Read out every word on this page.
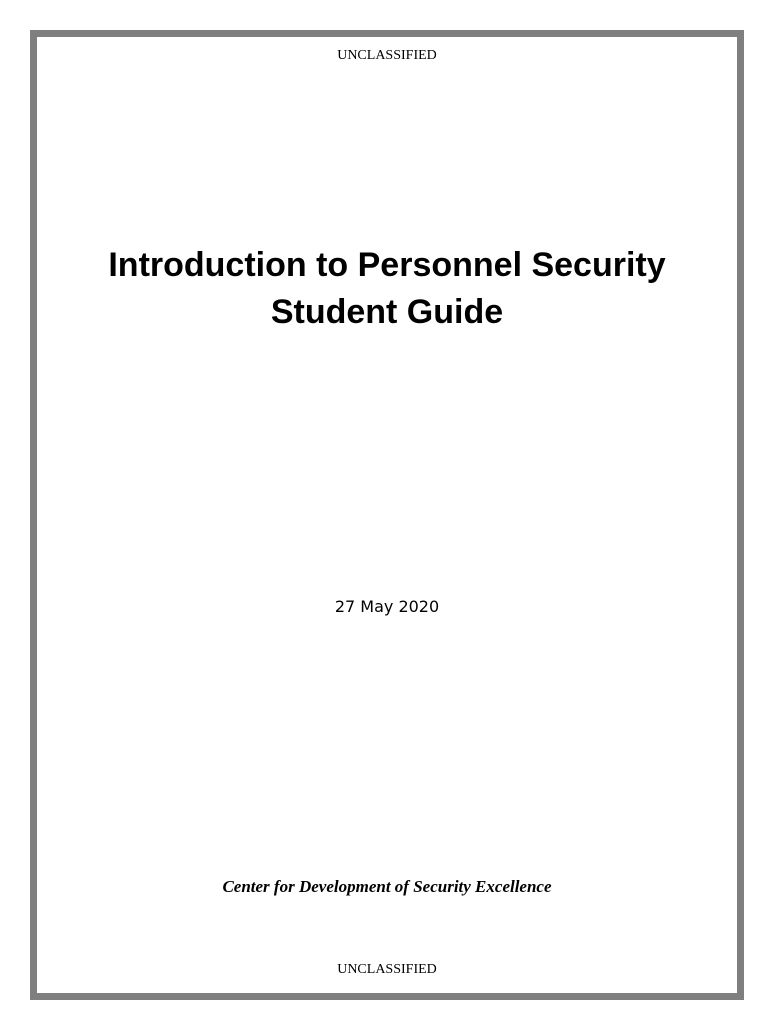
UNCLASSIFIED
Introduction to Personnel Security
Student Guide
27 May 2020
Center for Development of Security Excellence
UNCLASSIFIED
